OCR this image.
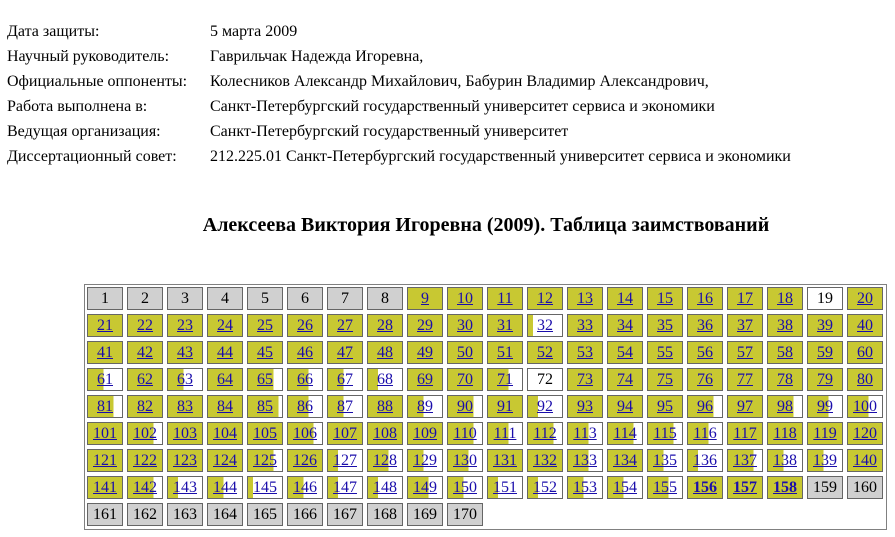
Дата защиты:	5 марта 2009
Научный руководитель:	Гаврильчак Надежда Игоревна,
Официальные оппоненты:	Колесников Александр Михайлович, Бабурин Владимир Александрович,
Работа выполнена в:	Санкт-Петербургский государственный университет сервиса и экономики
Ведущая организация:	Санкт-Петербургский государственный университет
Диссертационный совет:	212.225.01 Санкт-Петербургский государственный университет сервиса и экономики
Алексеева Виктория Игоревна (2009). Таблица заимствований
1	2	3	4	5	6	7	8	9	10	11	12	13	14	15	16	17	18	19	20
21	22	23	24	25	26	27	28	29	30	31	32	33	34	35	36	37	38	39	40
41	42	43	44	45	46	47	48	49	50	51	52	53	54	55	56	57	58	59	60
61	62	63	64	65	66	67	68	69	70	71	72	73	74	75	76	77	78	79	80
81	82	83	84	85	86	87	88	89	90	91	92	93	94	95	96	97	98	99	100
101	102	103	104	105	106	107	108	109	110	111	112	113	114	115	116	117	118	119	120
121	122	123	124	125	126	127	128	129	130	131	132	133	134	135	136	137	138	139	140
141	142	143	144	145	146	147	148	149	150	151	152	153	154	155	156	157	158	159	160
161	162	163	164	165	166	167	168	169	170
